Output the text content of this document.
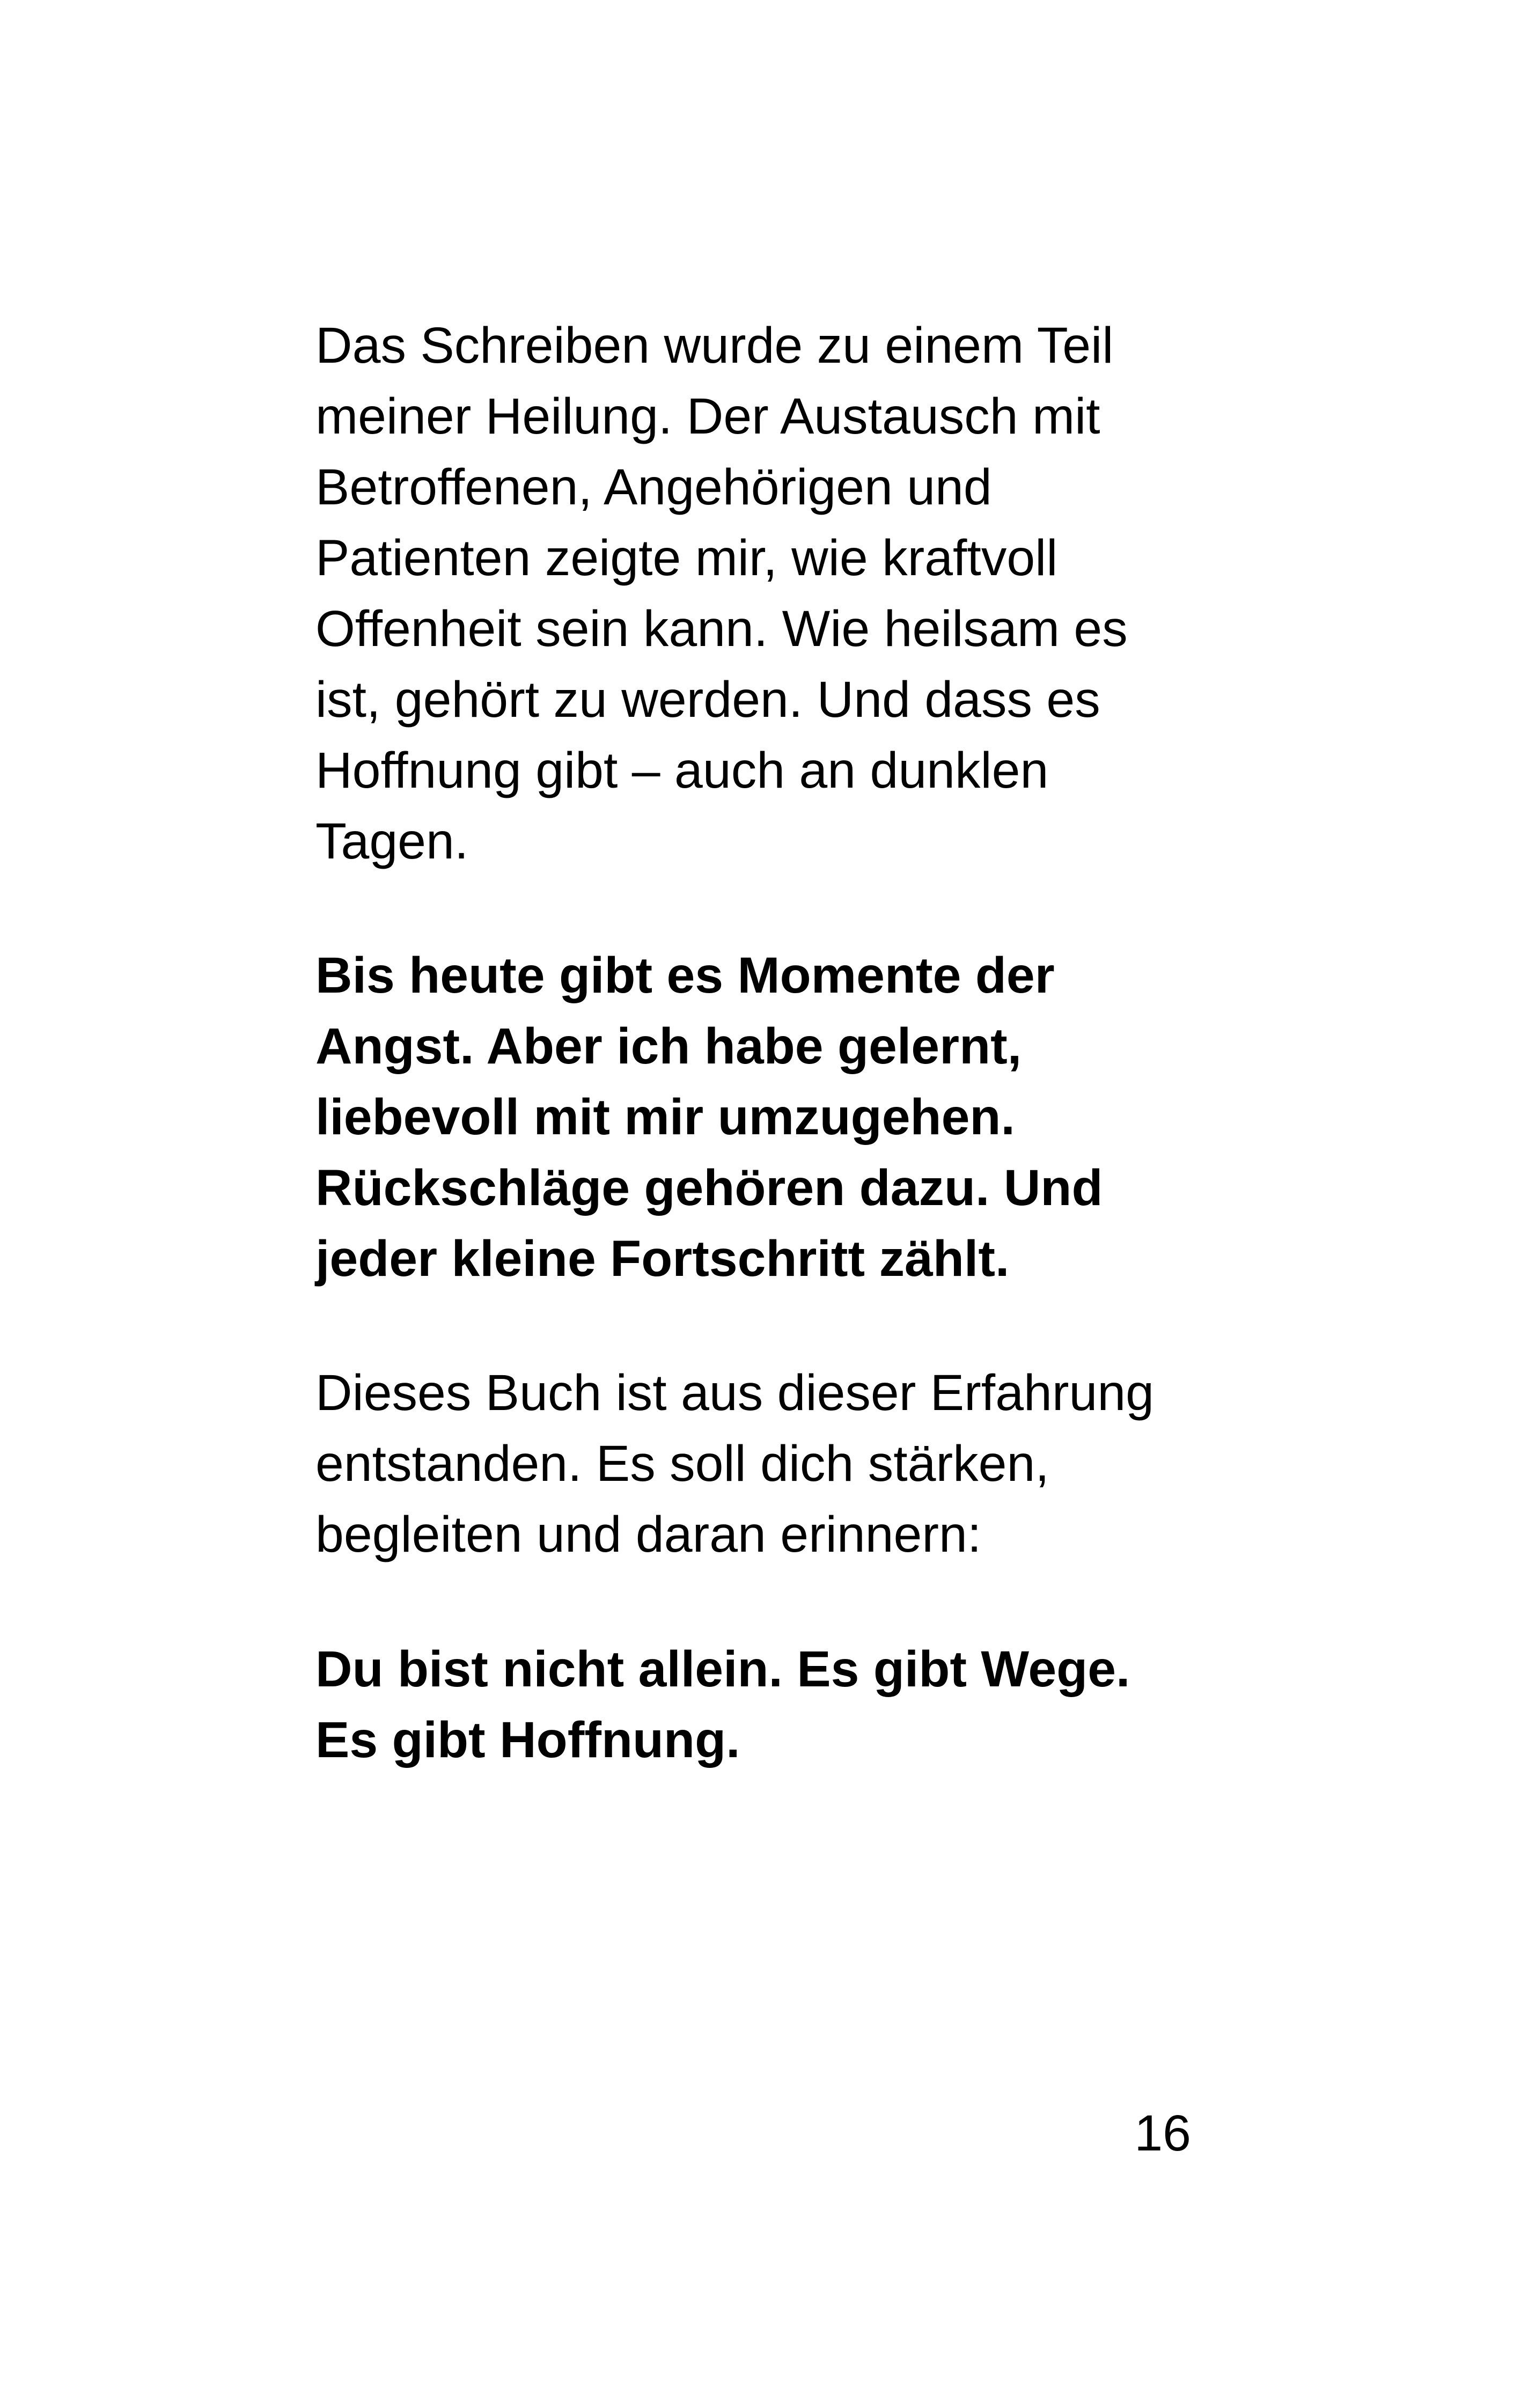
Das Schreiben wurde zu einem Teil
meiner Heilung. Der Austausch mit
Betroffenen, Angehörigen und
Patienten zeigte mir, wie kraftvoll
Offenheit sein kann. Wie heilsam es
ist, gehört zu werden. Und dass es
Hoffnung gibt – auch an dunklen
Tagen.

Bis heute gibt es Momente der
Angst. Aber ich habe gelernt,
liebevoll mit mir umzugehen.
Rückschläge gehören dazu. Und
jeder kleine Fortschritt zählt.

Dieses Buch ist aus dieser Erfahrung
entstanden. Es soll dich stärken,
begleiten und daran erinnern:

Du bist nicht allein. Es gibt Wege.
Es gibt Hoffnung.

16
